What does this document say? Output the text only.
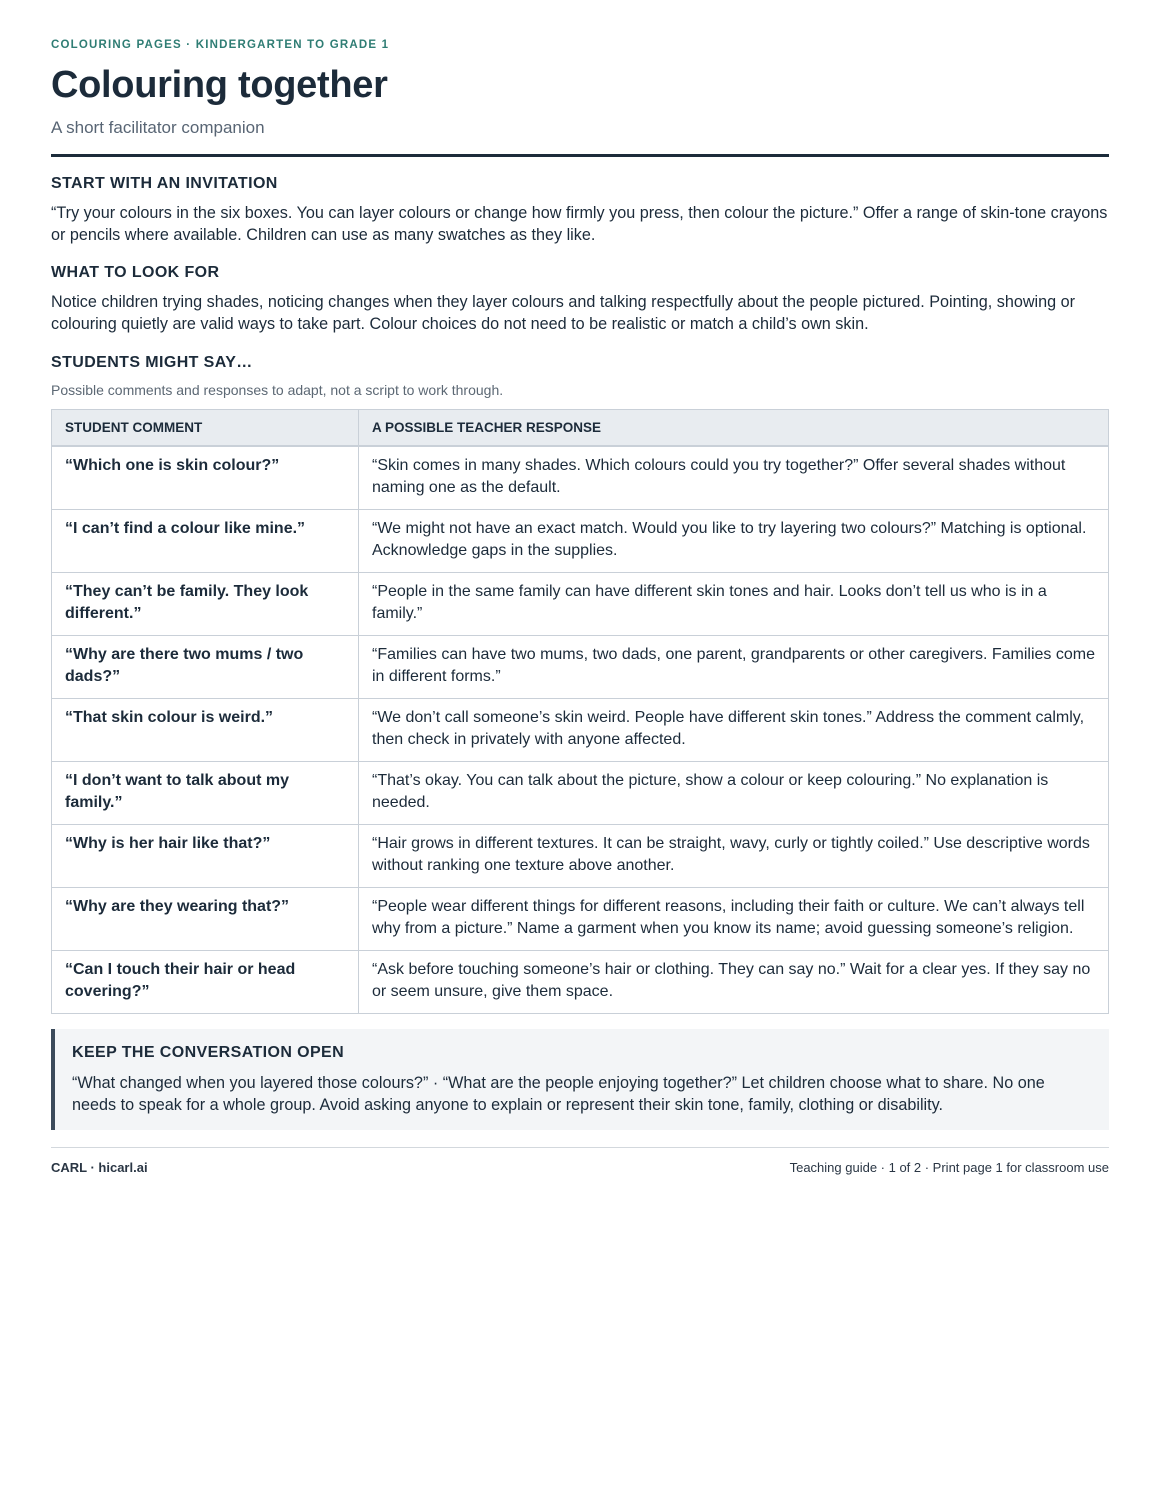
COLOURING PAGES · KINDERGARTEN TO GRADE 1
Colouring together
A short facilitator companion
START WITH AN INVITATION

“Try your colours in the six boxes. You can layer colours or change how firmly you press, then colour the picture.” Offer a range of skin-tone crayons or pencils where available. Children can use as many swatches as they like.

WHAT TO LOOK FOR

Notice children trying shades, noticing changes when they layer colours and talking respectfully about the people pictured. Pointing, showing or colouring quietly are valid ways to take part. Colour choices do not need to be realistic or match a child’s own skin.

STUDENTS MIGHT SAY…
Possible comments and responses to adapt, not a script to work through.
STUDENT COMMENT	A POSSIBLE TEACHER RESPONSE
“Which one is skin colour?”	“Skin comes in many shades. Which colours could you try together?” Offer several shades without naming one as the default.
“I can’t find a colour like mine.”	“We might not have an exact match. Would you like to try layering two colours?” Matching is optional. Acknowledge gaps in the supplies.
“They can’t be family. They look different.”	“People in the same family can have different skin tones and hair. Looks don’t tell us who is in a family.”
“Why are there two mums / two dads?”	“Families can have two mums, two dads, one parent, grandparents or other caregivers. Families come in different forms.”
“That skin colour is weird.”	“We don’t call someone’s skin weird. People have different skin tones.” Address the comment calmly, then check in privately with anyone affected.
“I don’t want to talk about my family.”	“That’s okay. You can talk about the picture, show a colour or keep colouring.” No explanation is needed.
“Why is her hair like that?”	“Hair grows in different textures. It can be straight, wavy, curly or tightly coiled.” Use descriptive words without ranking one texture above another.
“Why are they wearing that?”	“People wear different things for different reasons, including their faith or culture. We can’t always tell why from a picture.” Name a garment when you know its name; avoid guessing someone’s religion.
“Can I touch their hair or head covering?”	“Ask before touching someone’s hair or clothing. They can say no.” Wait for a clear yes. If they say no or seem unsure, give them space.
KEEP THE CONVERSATION OPEN

“What changed when you layered those colours?” · “What are the people enjoying together?” Let children choose what to share. No one needs to speak for a whole group. Avoid asking anyone to explain or represent their skin tone, family, clothing or disability.

CARL · hicarl.ai	Teaching guide · 1 of 2 · Print page 1 for classroom use
